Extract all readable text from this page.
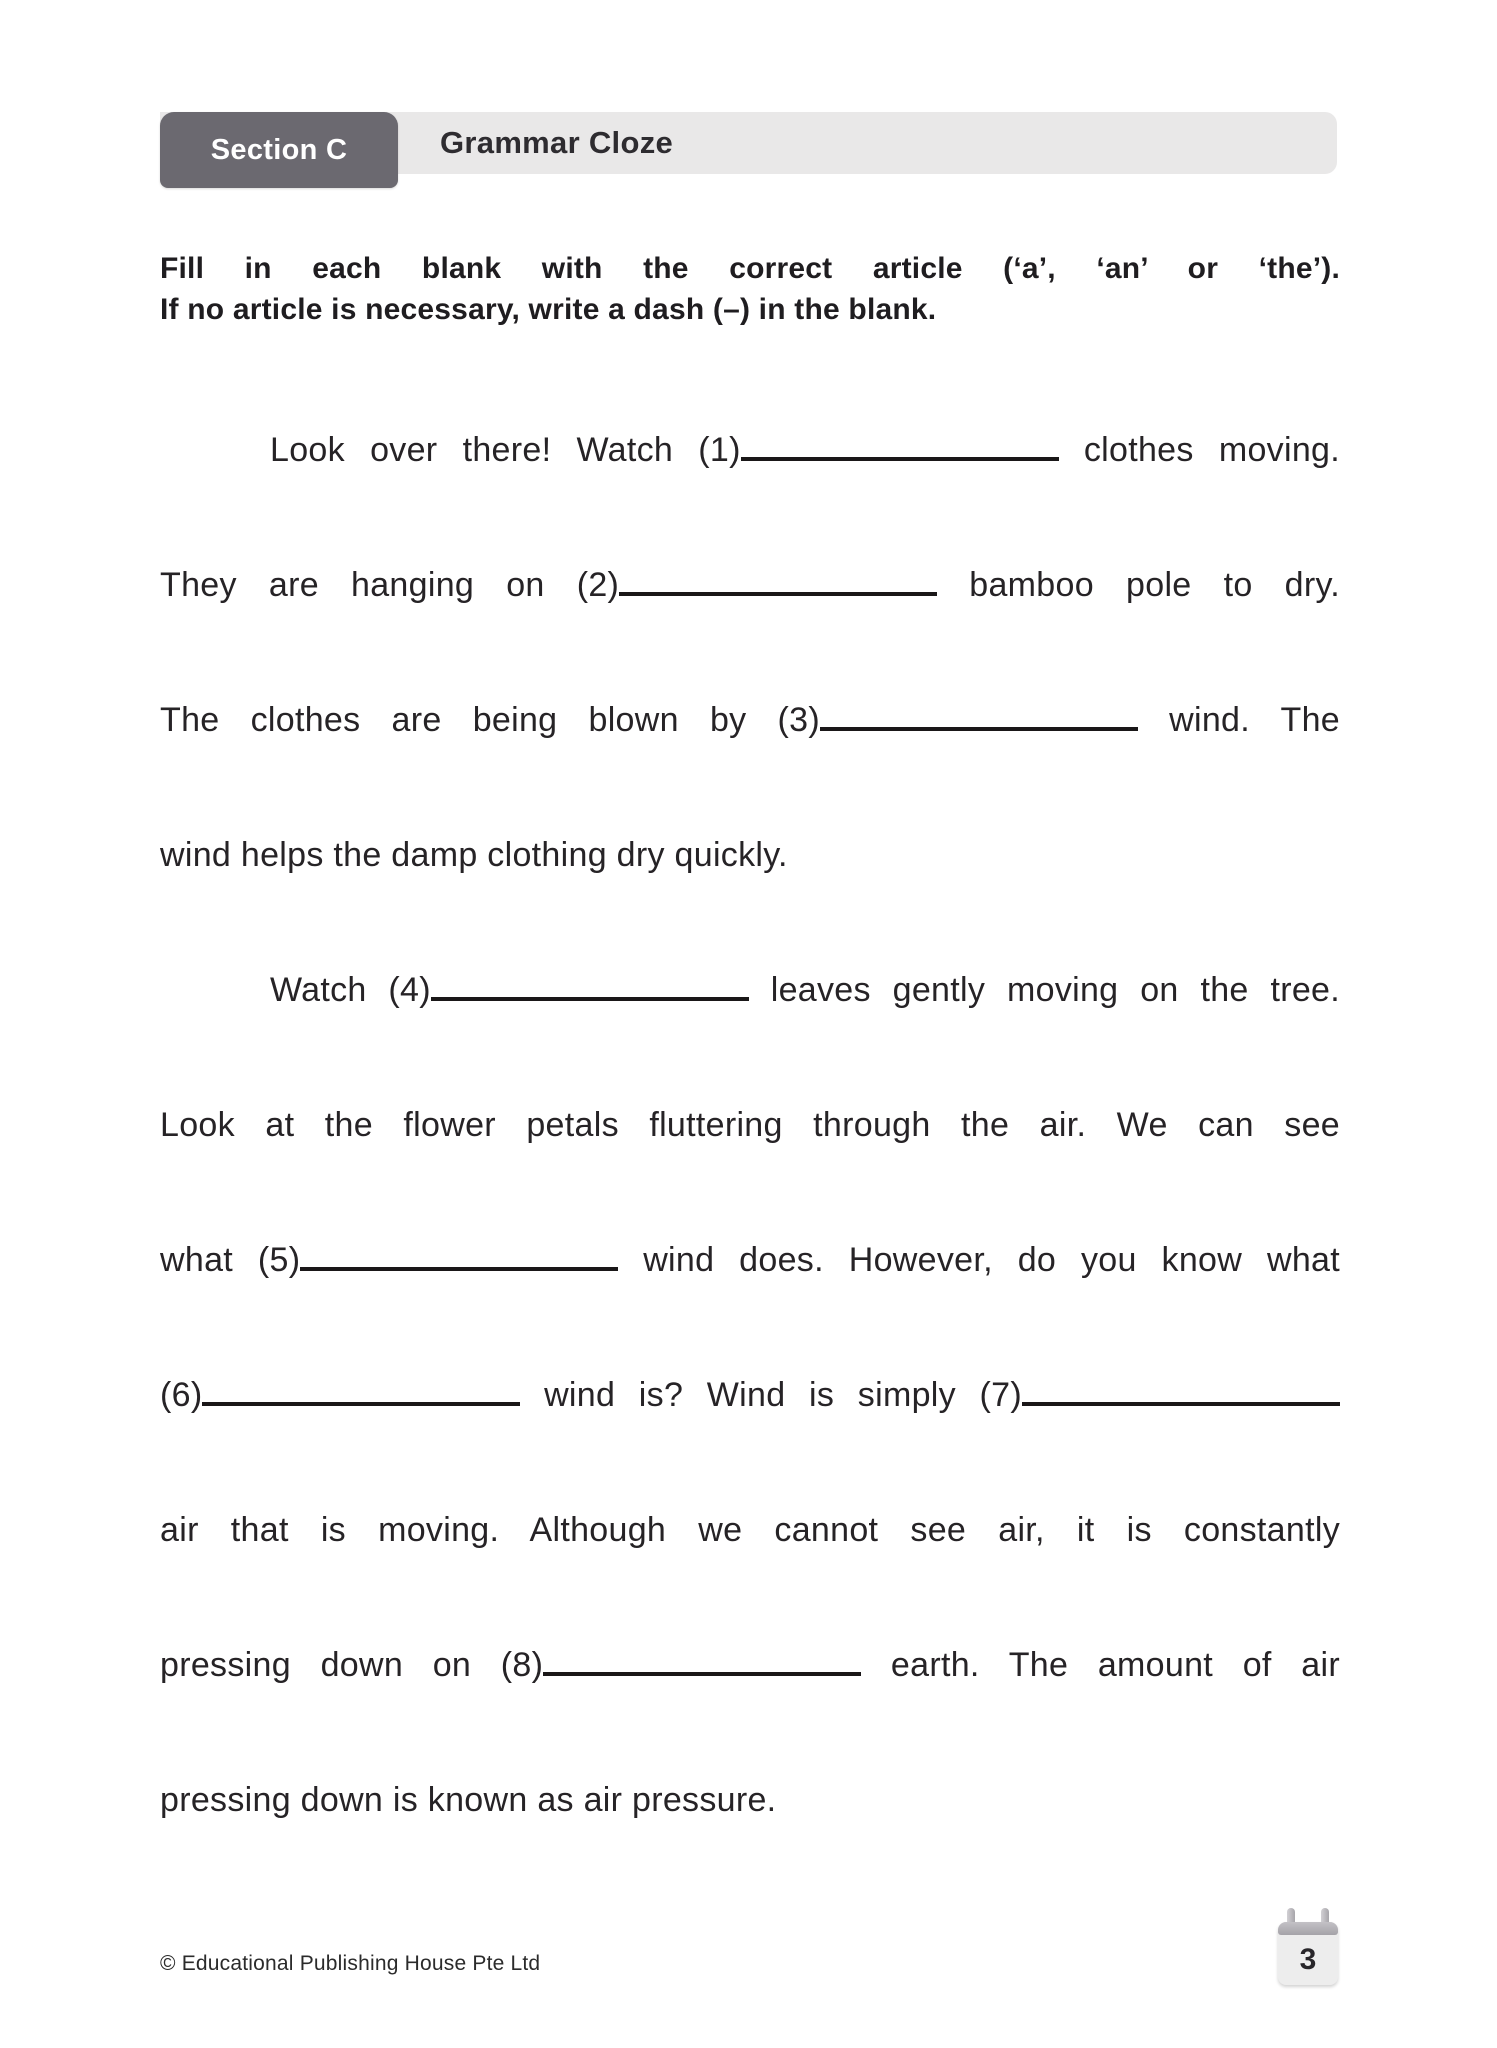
Grammar Cloze
Section C
Fill in each blank with the correct article (‘a’, ‘an’ or ‘the’).
If no article is necessary, write a dash (–) in the blank.
Look over there! Watch (1)	clothes moving.
They are hanging on (2)	bamboo pole to dry.
The clothes are being blown by (3)	wind. The
wind helps the damp clothing dry quickly.
Watch (4)	leaves gently moving on the tree.
Look at the flower petals fluttering through the air. We can see
what (5)	wind does. However, do you know what
(6)	wind is? Wind is simply (7)
air that is moving. Although we cannot see air, it is constantly
pressing down on (8)	earth. The amount of air
pressing down is known as air pressure.
© Educational Publishing House Pte Ltd	3
